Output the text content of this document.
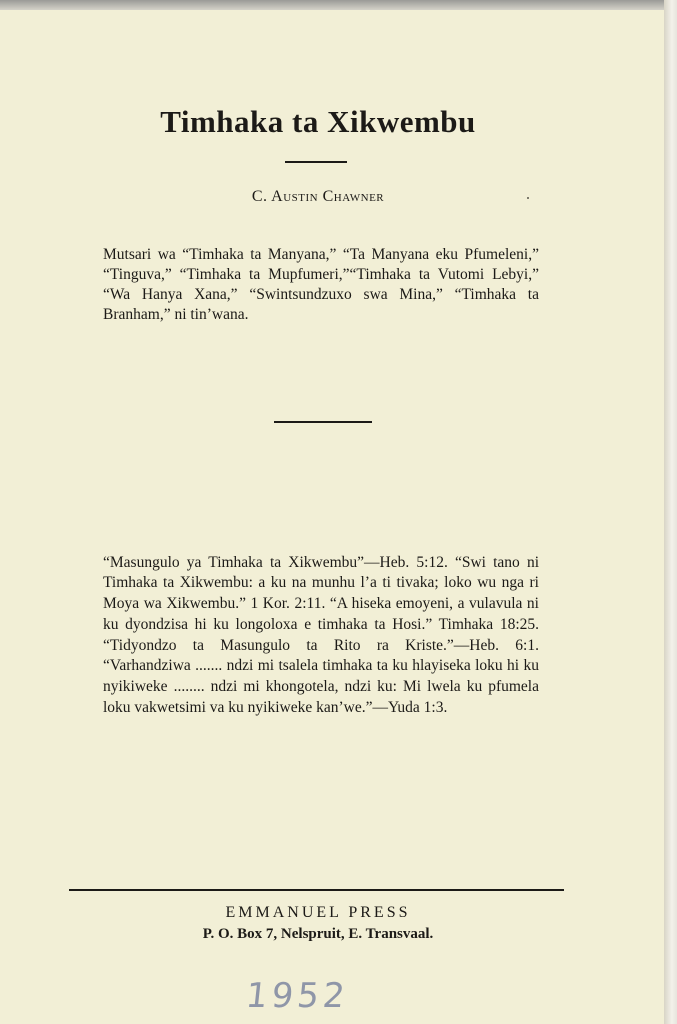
Timhaka ta Xikwembu
C. Austin Chawner

Mutsari wa “Timhaka ta Manyana,” “Ta Manyana eku Pfumeleni,” “Tinguva,” “Timhaka ta Mupfumeri,”“Timhaka ta Vutomi Lebyi,” “Wa Hanya Xana,” “Swintsundzuxo swa Mina,” “Timhaka ta Branham,” ni tin’wana.

“Masungulo ya Timhaka ta Xikwembu”—Heb. 5:12. “Swi tano ni Timhaka ta Xikwembu: a ku na munhu l’a ti tivaka; loko wu nga ri Moya wa Xikwembu.” 1 Kor. 2:11. “A hiseka emoyeni, a vulavula ni ku dyondzisa hi ku longoloxa e timhaka ta Hosi.” Timhaka 18:25. “Tidyondzo ta Masungulo ta Rito ra Kriste.”—Heb. 6:1. “Varhandziwa ....... ndzi mi tsalela timhaka ta ku hlayiseka loku hi ku nyikiweke ........ ndzi mi khongotela, ndzi ku: Mi lwela ku pfumela loku vakwetsimi va ku nyikiweke kan’we.”—Yuda 1:3.

EMMANUEL PRESS
P. O. Box 7, Nelspruit, E. Transvaal.
1952
